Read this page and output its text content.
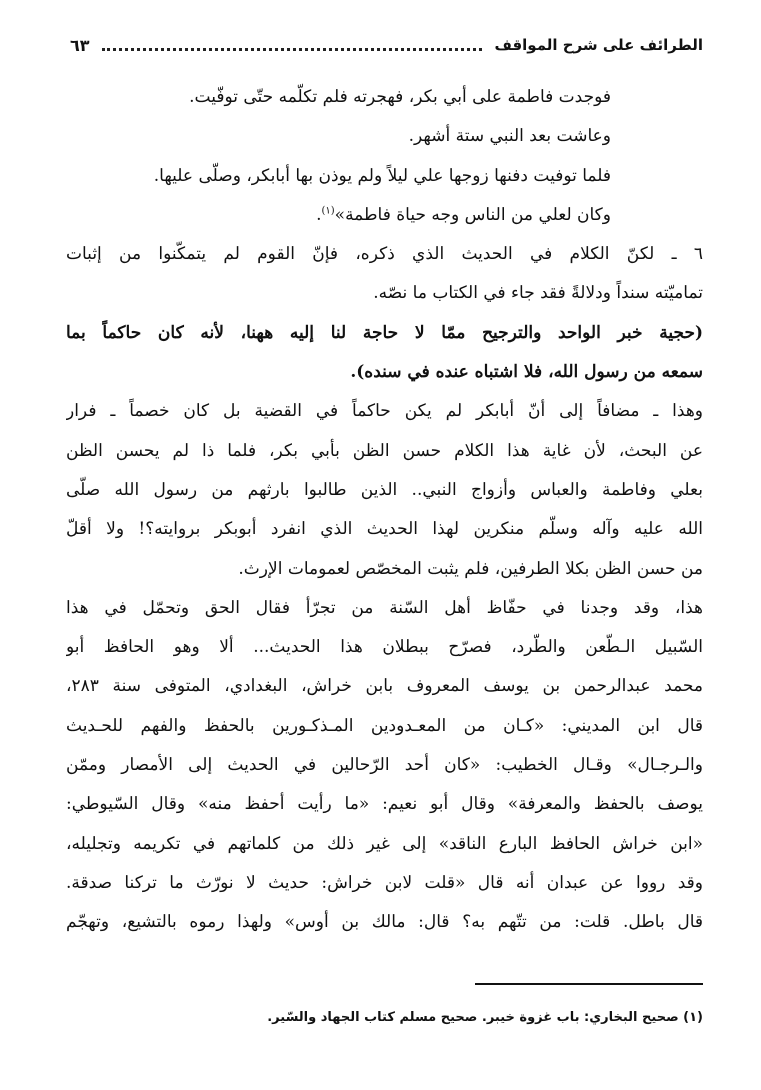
الطرائف على شرح المواقف
٦٣
فوجدت فاطمة على أبي بكر، فهجرته فلم تكلّمه حتّى توفّيت.
وعاشت بعد النبي ستة أشهر.
فلما توفيت دفنها زوجها علي ليلاً ولم يوذن بها أبابكر، وصلّى عليها.
وكان لعلي من الناس وجه حياة فاطمة»$^{(١)}$.
٦ ـ لكنّ الكلام في الحديث الذي ذكره، فإنّ القوم لم يتمكّنوا من إثبات
تماميّته سنداً ودلالةً فقد جاء في الكتاب ما نصّه.
(حجية خبر الواحد والترجيح ممّا لا حاجة لنا إليه ههنا، لأنه كان حاكماً بما
سمعه من رسول الله، فلا اشتباه عنده في سنده).
وهذا ـ مضافاً إلى أنّ أبابكر لم يكن حاكماً في القضية بل كان خصماً ـ فرار
عن البحث، لأن غاية هذا الكلام حسن الظن بأبي بكر، فلما ذا لم يحسن الظن
بعلي وفاطمة والعباس وأزواج النبي.. الذين طالبوا بارثهم من رسول الله صلّى
الله عليه وآله وسلّم منكرين لهذا الحديث الذي انفرد أبوبكر بروايته؟! ولا أقلّ
من حسن الظن بكلا الطرفين، فلم يثبت المخصّص لعمومات الإرث.
هذا، وقد وجدنا في حفّاظ أهل السّنة من تجرّأ فقال الحق وتحمّل في هذا
السّبيل الـطّعن والطّرد، فصرّح ببطلان هذا الحديث... ألا وهو الحافظ أبو
محمد عبدالرحمن بن يوسف المعروف بابن خراش، البغدادي، المتوفى سنة ٢٨٣،
قال ابن المديني: «كـان من المعـدودين المـذكـورين بالحفظ والفهم للحـديث
والـرجـال» وقـال الخطيب: «كان أحد الرّحالين في الحديث إلى الأمصار وممّن
يوصف بالحفظ والمعرفة» وقال أبو نعيم: «ما رأيت أحفظ منه» وقال السّيوطي:
«ابن خراش الحافظ البارع الناقد» إلى غير ذلك من كلماتهم في تكريمه وتجليله،
وقد رووا عن عبدان أنه قال «قلت لابن خراش: حديث لا نورّث ما تركنا صدقة.
قال باطل. قلت: من تتّهم به؟ قال: مالك بن أوس» ولهذا رموه بالتشيع، وتهجّم
(١) صحيح البخاري: باب غزوة خيبر. صحيح مسلم كتاب الجهاد والسّير.
